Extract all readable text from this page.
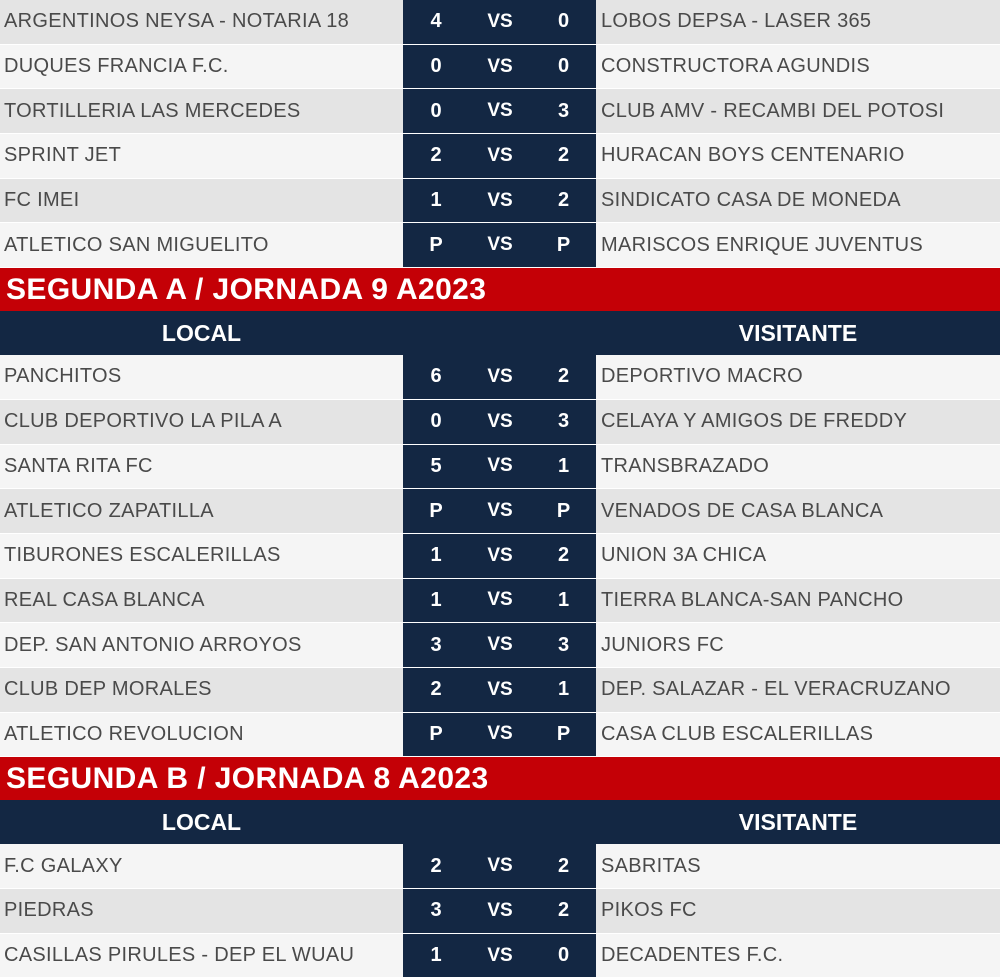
ARGENTINOS NEYSA - NOTARIA 18	4	VS	0	LOBOS DEPSA - LASER 365
DUQUES FRANCIA F.C.	0	VS	0	CONSTRUCTORA AGUNDIS
TORTILLERIA LAS MERCEDES	0	VS	3	CLUB AMV - RECAMBI DEL POTOSI
SPRINT JET	2	VS	2	HURACAN BOYS CENTENARIO
FC IMEI	1	VS	2	SINDICATO CASA DE MONEDA
ATLETICO SAN MIGUELITO	P	VS	P	MARISCOS ENRIQUE JUVENTUS
SEGUNDA A / JORNADA 9 A2023
LOCAL	VISITANTE
PANCHITOS	6	VS	2	DEPORTIVO MACRO
CLUB DEPORTIVO LA PILA A	0	VS	3	CELAYA Y AMIGOS DE FREDDY
SANTA RITA FC	5	VS	1	TRANSBRAZADO
ATLETICO ZAPATILLA	P	VS	P	VENADOS DE CASA BLANCA
TIBURONES ESCALERILLAS	1	VS	2	UNION 3A CHICA
REAL CASA BLANCA	1	VS	1	TIERRA BLANCA-SAN PANCHO
DEP. SAN ANTONIO ARROYOS	3	VS	3	JUNIORS FC
CLUB DEP MORALES	2	VS	1	DEP. SALAZAR - EL VERACRUZANO
ATLETICO REVOLUCION	P	VS	P	CASA CLUB ESCALERILLAS
SEGUNDA B / JORNADA 8 A2023
LOCAL	VISITANTE
F.C GALAXY	2	VS	2	SABRITAS
PIEDRAS	3	VS	2	PIKOS FC
CASILLAS PIRULES - DEP EL WUAU	1	VS	0	DECADENTES F.C.
